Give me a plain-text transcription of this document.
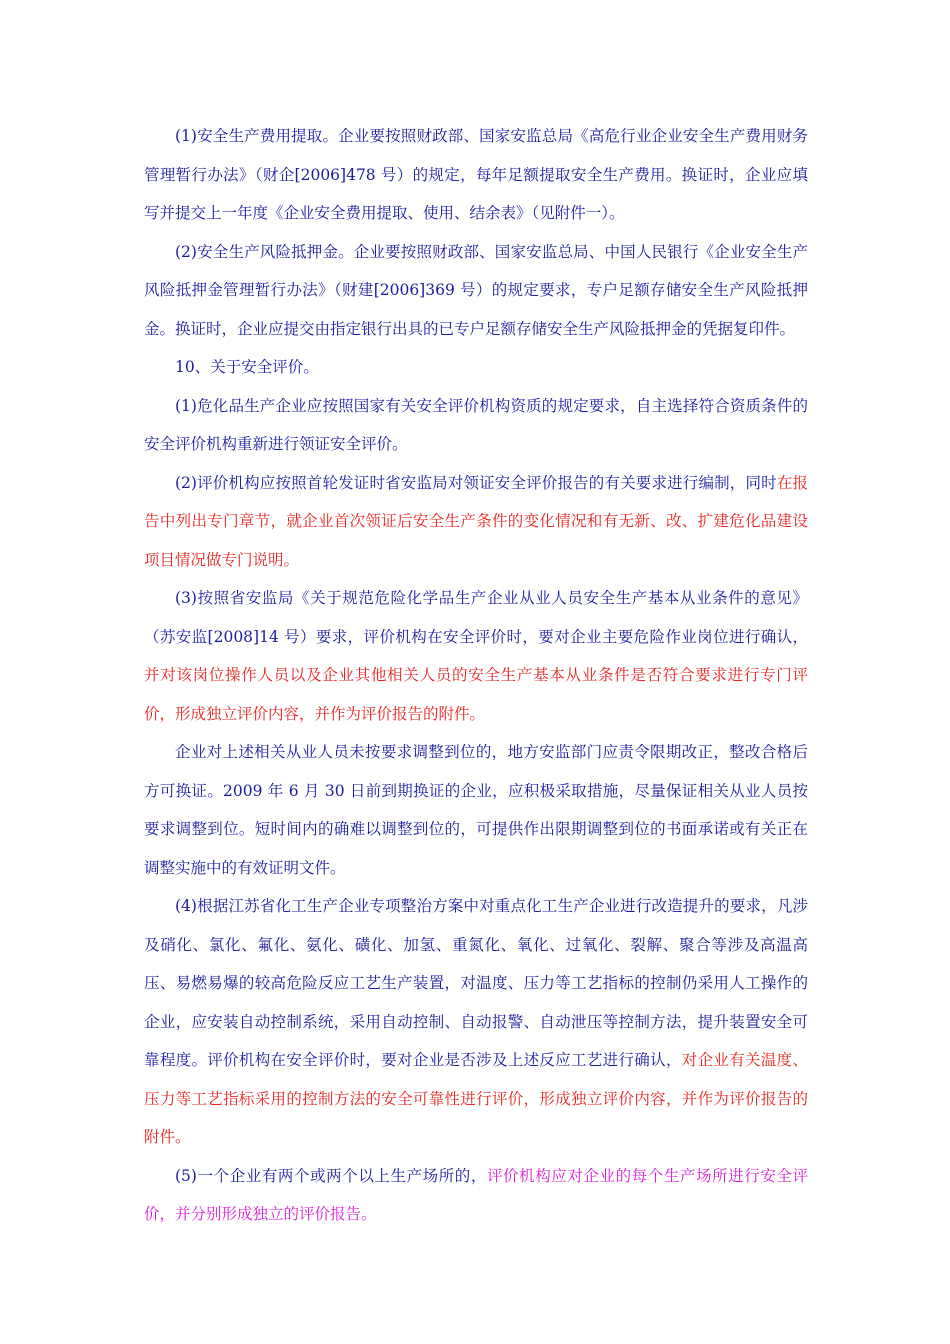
(1)安全生产费用提取。企业要按照财政部、国家安监总局《高危行业企业安全生产费用财务管理暂行办法》（财企[2006]478 号）的规定，每年足额提取安全生产费用。换证时，企业应填写并提交上一年度《企业安全费用提取、使用、结余表》（见附件一）。

(2)安全生产风险抵押金。企业要按照财政部、国家安监总局、中国人民银行《企业安全生产风险抵押金管理暂行办法》（财建[2006]369 号）的规定要求，专户足额存储安全生产风险抵押金。换证时，企业应提交由指定银行出具的已专户足额存储安全生产风险抵押金的凭据复印件。

10、关于安全评价。

(1)危化品生产企业应按照国家有关安全评价机构资质的规定要求，自主选择符合资质条件的安全评价机构重新进行领证安全评价。

(2)评价机构应按照首轮发证时省安监局对领证安全评价报告的有关要求进行编制，同时在报告中列出专门章节，就企业首次领证后安全生产条件的变化情况和有无新、改、扩建危化品建设项目情况做专门说明。

(3)按照省安监局《关于规范危险化学品生产企业从业人员安全生产基本从业条件的意见》（苏安监[2008]14 号）要求，评价机构在安全评价时，要对企业主要危险作业岗位进行确认，并对该岗位操作人员以及企业其他相关人员的安全生产基本从业条件是否符合要求进行专门评价，形成独立评价内容，并作为评价报告的附件。

企业对上述相关从业人员未按要求调整到位的，地方安监部门应责令限期改正，整改合格后方可换证。2009 年 6 月 30 日前到期换证的企业，应积极采取措施，尽量保证相关从业人员按要求调整到位。短时间内的确难以调整到位的，可提供作出限期调整到位的书面承诺或有关正在调整实施中的有效证明文件。

(4)根据江苏省化工生产企业专项整治方案中对重点化工生产企业进行改造提升的要求，凡涉及硝化、氯化、氟化、氨化、磺化、加氢、重氮化、氧化、过氧化、裂解、聚合等涉及高温高压、易燃易爆的较高危险反应工艺生产装置，对温度、压力等工艺指标的控制仍采用人工操作的企业，应安装自动控制系统，采用自动控制、自动报警、自动泄压等控制方法，提升装置安全可靠程度。评价机构在安全评价时，要对企业是否涉及上述反应工艺进行确认，对企业有关温度、压力等工艺指标采用的控制方法的安全可靠性进行评价，形成独立评价内容，并作为评价报告的附件。

(5)一个企业有两个或两个以上生产场所的，评价机构应对企业的每个生产场所进行安全评价，并分别形成独立的评价报告。
